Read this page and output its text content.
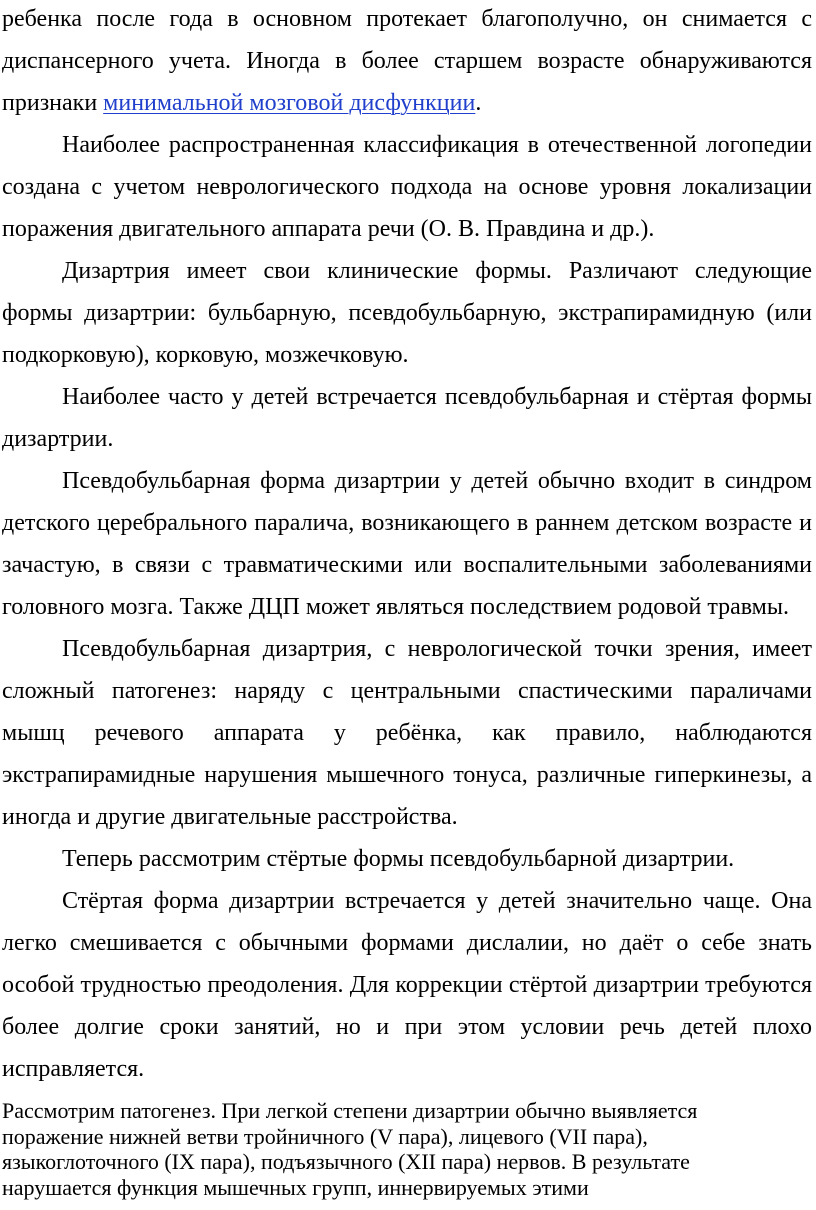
ребенка после года в основном протекает благополучно, он снимается с диспансерного учета. Иногда в более старшем возрасте обнаруживаются признаки минимальной мозговой дисфункции.

Наиболее распространенная классификация в отечественной логопедии создана с учетом неврологического подхода на основе уровня локализации поражения двигательного аппарата речи (О. В. Правдина и др.).

Дизартрия имеет свои клинические формы. Различают следующие формы дизартрии: бульбарную, псевдобульбарную, экстрапирамидную (или подкорковую), корковую, мозжечковую.

Наиболее часто у детей встречается псевдобульбарная и стёртая формы дизартрии.

Псевдобульбарная форма дизартрии у детей обычно входит в синдром детского церебрального паралича, возникающего в раннем детском возрасте и зачастую, в связи с травматическими или воспалительными заболеваниями головного мозга. Также ДЦП может являться последствием родовой травмы.

Псевдобульбарная дизартрия, с неврологической точки зрения, имеет сложный патогенез: наряду с центральными спастическими параличами мышц речевого аппарата у ребёнка, как правило, наблюдаются экстрапирамидные нарушения мышечного тонуса, различные гиперкинезы, а иногда и другие двигательные расстройства.

Теперь рассмотрим стёртые формы псевдобульбарной дизартрии.

Стёртая форма дизартрии встречается у детей значительно чаще. Она легко смешивается с обычными формами дислалии, но даёт о себе знать особой трудностью преодоления. Для коррекции стёртой дизартрии требуются более долгие сроки занятий, но и при этом условии речь детей плохо исправляется.

Рассмотрим патогенез. При легкой степени дизартрии обычно выявляется поражение нижней ветви тройничного (V пара), лицевого (VII пара), языкоглоточного (IX пара), подъязычного (XII пара) нервов. В результате нарушается функция мышечных групп, иннервируемых этими
